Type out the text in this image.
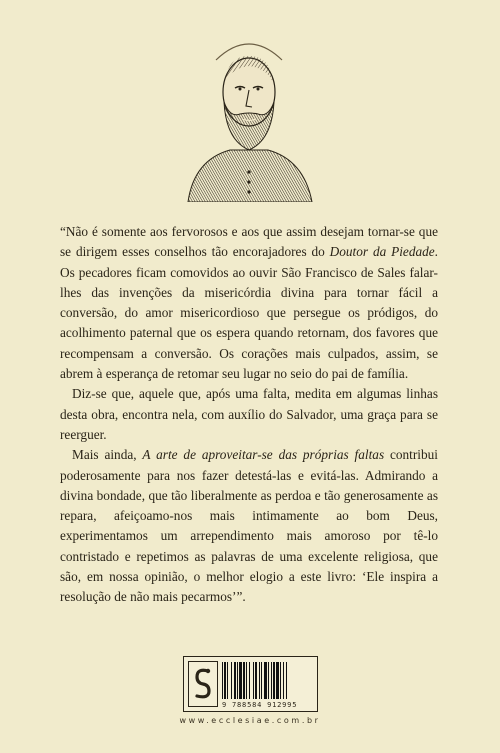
“Não é somente aos fervorosos e aos que assim desejam tornar-se que se dirigem esses conselhos tão encorajadores do Doutor da Piedade. Os pecadores ficam comovidos ao ouvir São Francisco de Sales falar-lhes das invenções da misericórdia divina para tornar fácil a conversão, do amor misericordioso que persegue os pródigos, do acolhimento paternal que os espera quando retornam, dos favores que recompensam a conversão. Os corações mais culpados, assim, se abrem à esperança de retomar seu lugar no seio do pai de família.

Diz-se que, aquele que, após uma falta, medita em algumas linhas desta obra, encontra nela, com auxílio do Salvador, uma graça para se reerguer.

Mais ainda, A arte de aproveitar-se das próprias faltas contribui poderosamente para nos fazer detestá-las e evitá-las. Admirando a divina bondade, que tão liberalmente as perdoa e tão generosamente as repara, afeiçoamo-nos mais intimamente ao bom Deus, experimentamos um arrependimento mais amoroso por tê-lo contristado e repetimos as palavras de uma excelente religiosa, que são, em nossa opinião, o melhor elogio a este livro: ‘Ele inspira a resolução de não mais pecarmos’”.

9 788584 912995
www.ecclesiae.com.br
